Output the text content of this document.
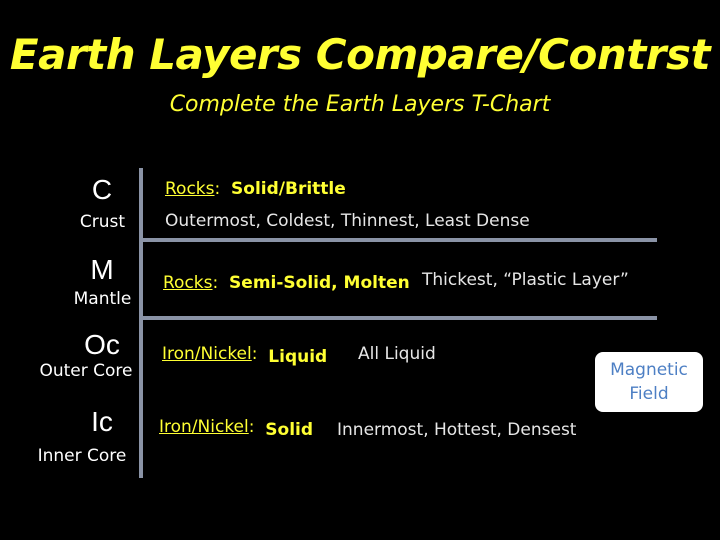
Earth Layers Compare/Contrst
Complete the Earth Layers T-Chart
C
Crust
Rocks: Solid/Brittle
Outermost, Coldest, Thinnest, Least Dense
M
Mantle
Rocks: Semi-Solid, Molten Thickest, “Plastic Layer”
Oc
Outer Core
Iron/Nickel: Liquid All Liquid
Ic
Inner Core
Iron/Nickel: Solid Innermost, Hottest, Densest
Magnetic
Field
